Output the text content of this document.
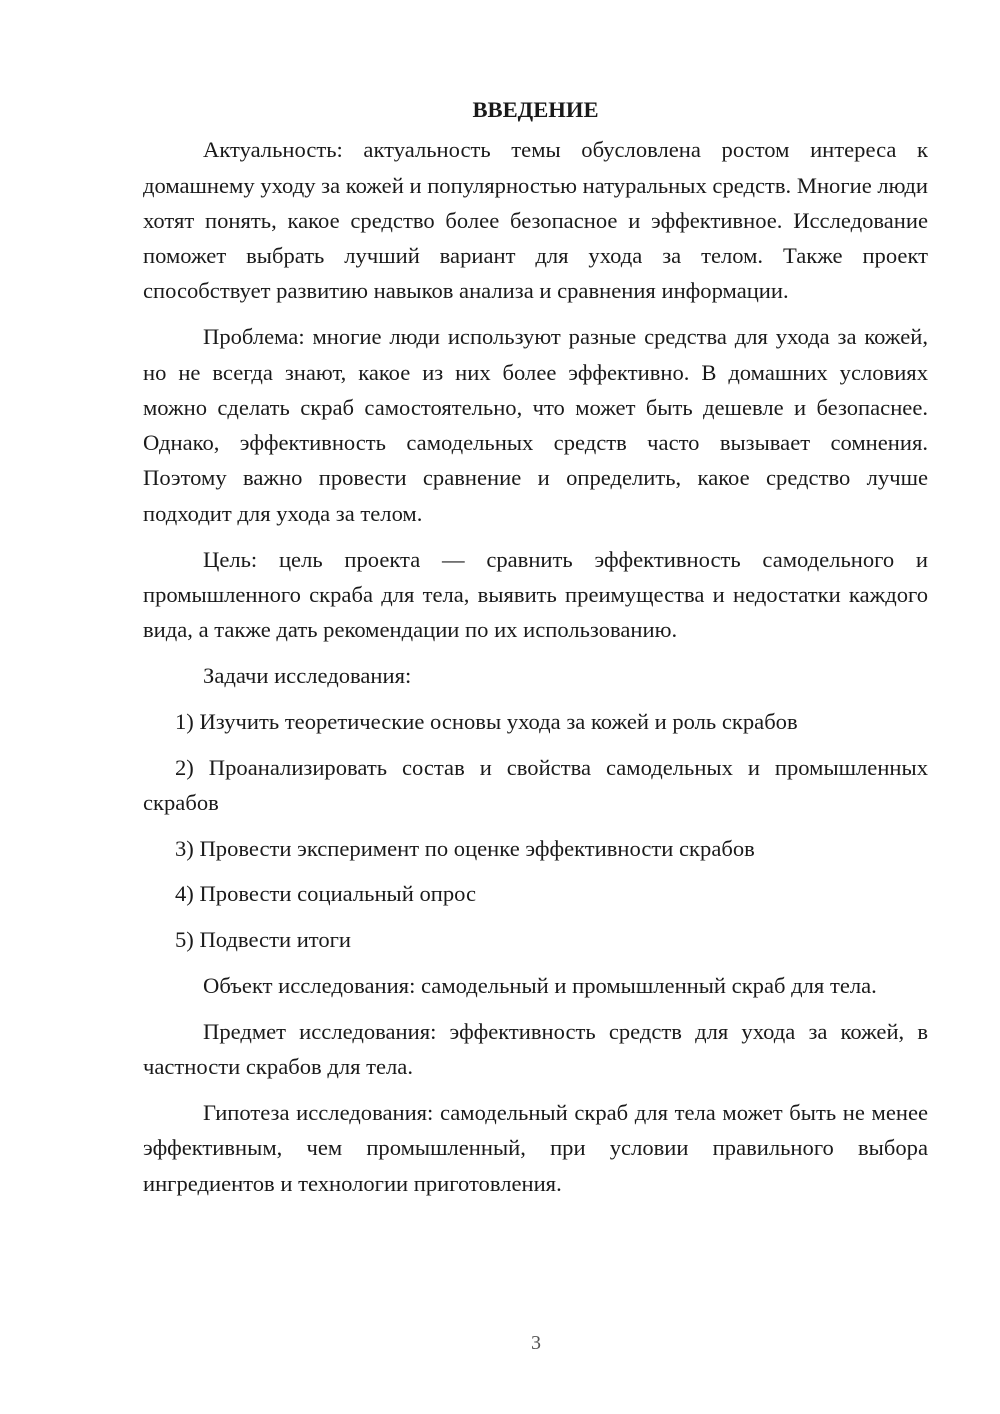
ВВЕДЕНИЕ

Актуальность: актуальность темы обусловлена ростом интереса к домашнему уходу за кожей и популярностью натуральных средств. Многие люди хотят понять, какое средство более безопасное и эффективное. Исследование поможет выбрать лучший вариант для ухода за телом. Также проект способствует развитию навыков анализа и сравнения информации.

Проблема: многие люди используют разные средства для ухода за кожей, но не всегда знают, какое из них более эффективно. В домашних условиях можно сделать скраб самостоятельно, что может быть дешевле и безопаснее. Однако, эффективность самодельных средств часто вызывает сомнения. Поэтому важно провести сравнение и определить, какое средство лучше подходит для ухода за телом.

Цель: цель проекта — сравнить эффективность самодельного и промышленного скраба для тела, выявить преимущества и недостатки каждого вида, а также дать рекомендации по их использованию.

Задачи исследования:

1) Изучить теоретические основы ухода за кожей и роль скрабов

2) Проанализировать состав и свойства самодельных и промышленных скрабов

3) Провести эксперимент по оценке эффективности скрабов

4) Провести социальный опрос

5) Подвести итоги

Объект исследования: самодельный и промышленный скраб для тела.

Предмет исследования: эффективность средств для ухода за кожей, в частности скрабов для тела.

Гипотеза исследования: самодельный скраб для тела может быть не менее эффективным, чем промышленный, при условии правильного выбора ингредиентов и технологии приготовления.

3
